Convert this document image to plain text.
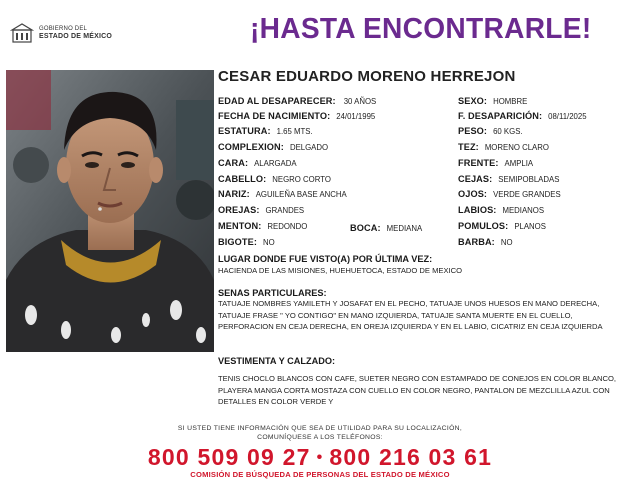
GOBIERNO DEL
ESTADO DE MÉXICO	¡HASTA ENCONTRARLE!
CESAR EDUARDO MORENO HERREJON
EDAD AL DESAPARECER: 30 AÑOS
FECHA DE NACIMIENTO: 24/01/1995
ESTATURA: 1.65 MTS.
COMPLEXION: DELGADO
CARA: ALARGADA
CABELLO: NEGRO CORTO
NARIZ: AGUILEÑA BASE ANCHA
OREJAS: GRANDES
MENTON: REDONDO
BIGOTE: NO
BOCA: MEDIANA
SEXO: HOMBRE
F. DESAPARICIÓN: 08/11/2025
PESO: 60 KGS.
TEZ: MORENO CLARO
FRENTE: AMPLIA
CEJAS: SEMIPOBLADAS
OJOS: VERDE GRANDES
LABIOS: MEDIANOS
POMULOS: PLANOS
BARBA: NO
LUGAR DONDE FUE VISTO(A) POR ÚLTIMA VEZ:
HACIENDA DE LAS MISIONES, HUEHUETOCA, ESTADO DE MEXICO
SENAS PARTICULARES:
TATUAJE NOMBRES YAMILETH Y JOSAFAT EN EL PECHO, TATUAJE UNOS HUESOS EN MANO DERECHA, TATUAJE FRASE " YO CONTIGO" EN MANO IZQUIERDA, TATUAJE SANTA MUERTE EN EL CUELLO, PERFORACION EN CEJA DERECHA, EN OREJA IZQUIERDA Y EN EL LABIO, CICATRIZ EN CEJA IZQUIERDA
VESTIMENTA Y CALZADO:
TENIS CHOCLO BLANCOS CON CAFE, SUETER NEGRO CON ESTAMPADO DE CONEJOS EN COLOR BLANCO, PLAYERA MANGA CORTA MOSTAZA CON CUELLO EN COLOR NEGRO, PANTALON DE MEZCLILLA AZUL CON DETALLES EN COLOR VERDE Y
SI USTED TIENE INFORMACIÓN QUE SEA DE UTILIDAD PARA SU LOCALIZACIÓN,
COMUNÍQUESE A LOS TELÉFONOS:
800 509 09 27 • 800 216 03 61
COMISIÓN DE BÚSQUEDA DE PERSONAS DEL ESTADO DE MÉXICO
